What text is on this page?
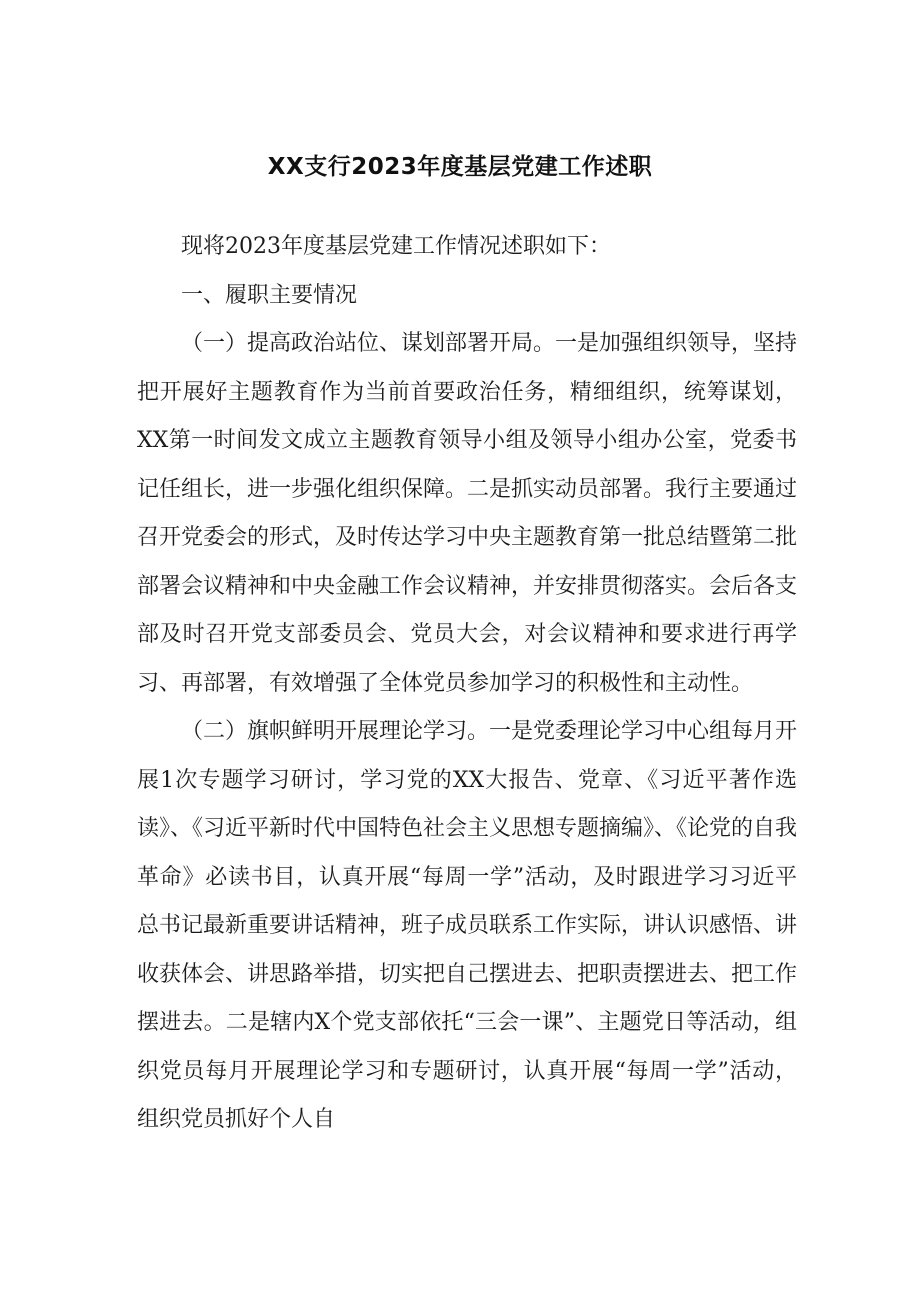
XX支行2023年度基层党建工作述职

现将2023年度基层党建工作情况述职如下：

一、履职主要情况

（一）提高政治站位、谋划部署开局。一是加强组织领导，坚持把开展好主题教育作为当前首要政治任务，精细组织，统筹谋划，XX第一时间发文成立主题教育领导小组及领导小组办公室，党委书记任组长，进一步强化组织保障。二是抓实动员部署。我行主要通过召开党委会的形式，及时传达学习中央主题教育第一批总结暨第二批部署会议精神和中央金融工作会议精神，并安排贯彻落实。会后各支部及时召开党支部委员会、党员大会，对会议精神和要求进行再学习、再部署，有效增强了全体党员参加学习的积极性和主动性。

（二）旗帜鲜明开展理论学习。一是党委理论学习中心组每月开展1次专题学习研讨，学习党的XX大报告、党章、《习近平著作选读》、《习近平新时代中国特色社会主义思想专题摘编》、《论党的自我革命》必读书目，认真开展“每周一学”活动，及时跟进学习习近平总书记最新重要讲话精神，班子成员联系工作实际，讲认识感悟、讲收获体会、讲思路举措，切实把自己摆进去、把职责摆进去、把工作摆进去。二是辖内X个党支部依托“三会一课”、主题党日等活动，组织党员每月开展理论学习和专题研讨，认真开展“每周一学”活动，组织党员抓好个人自
